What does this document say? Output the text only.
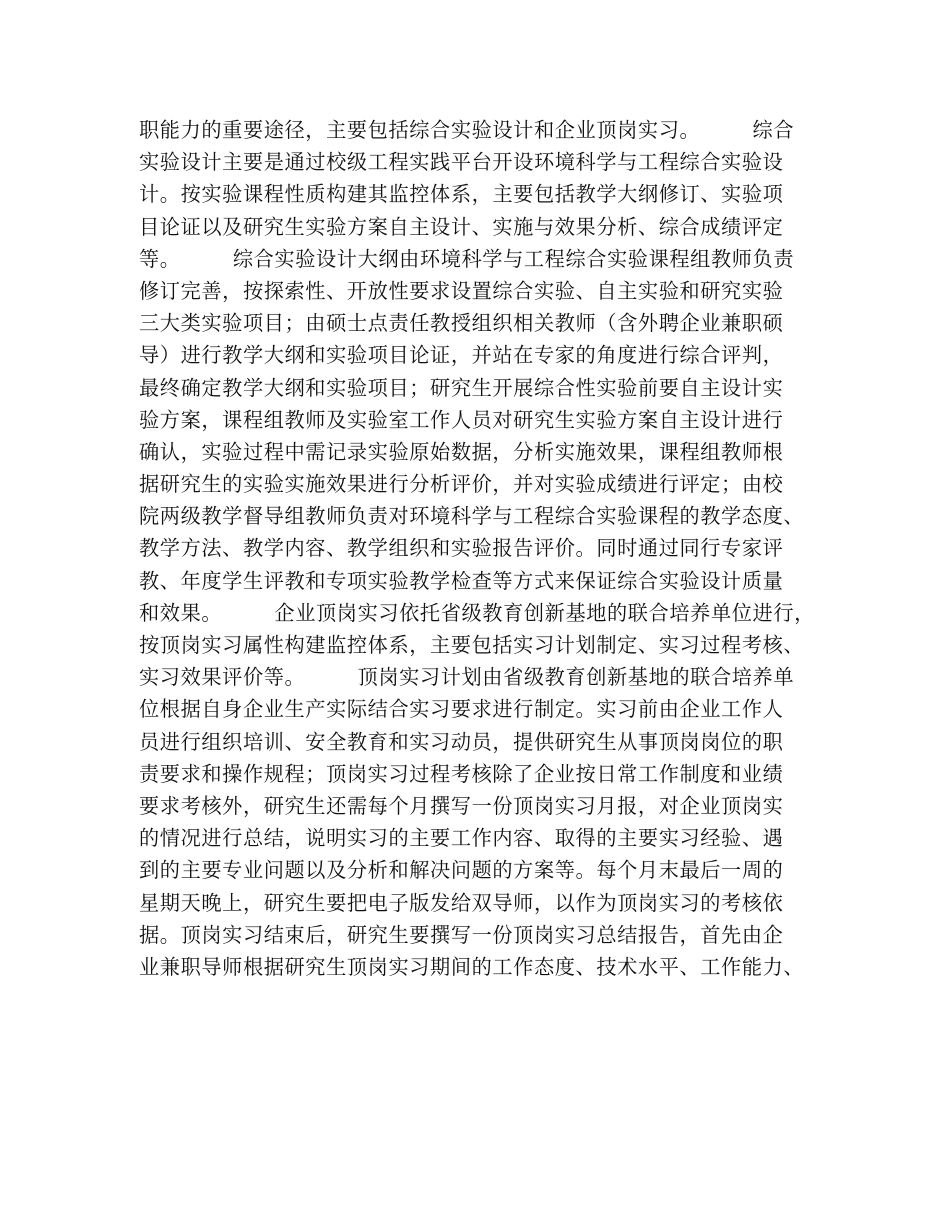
职能力的重要途径，主要包括综合实验设计和企业顶岗实习。　　　综合
实验设计主要是通过校级工程实践平台开设环境科学与工程综合实验设
计。按实验课程性质构建其监控体系，主要包括教学大纲修订、实验项
目论证以及研究生实验方案自主设计、实施与效果分析、综合成绩评定
等。　　　综合实验设计大纲由环境科学与工程综合实验课程组教师负责
修订完善，按探索性、开放性要求设置综合实验、自主实验和研究实验
三大类实验项目；由硕士点责任教授组织相关教师（含外聘企业兼职硕
导）进行教学大纲和实验项目论证，并站在专家的角度进行综合评判，
最终确定教学大纲和实验项目；研究生开展综合性实验前要自主设计实
验方案，课程组教师及实验室工作人员对研究生实验方案自主设计进行
确认，实验过程中需记录实验原始数据，分析实施效果，课程组教师根
据研究生的实验实施效果进行分析评价，并对实验成绩进行评定；由校
院两级教学督导组教师负责对环境科学与工程综合实验课程的教学态度、
教学方法、教学内容、教学组织和实验报告评价。同时通过同行专家评
教、年度学生评教和专项实验教学检查等方式来保证综合实验设计质量
和效果。　　　企业顶岗实习依托省级教育创新基地的联合培养单位进行，
按顶岗实习属性构建监控体系，主要包括实习计划制定、实习过程考核、
实习效果评价等。　　　顶岗实习计划由省级教育创新基地的联合培养单
位根据自身企业生产实际结合实习要求进行制定。实习前由企业工作人
员进行组织培训、安全教育和实习动员，提供研究生从事顶岗岗位的职
责要求和操作规程；顶岗实习过程考核除了企业按日常工作制度和业绩
要求考核外，研究生还需每个月撰写一份顶岗实习月报，对企业顶岗实
的情况进行总结，说明实习的主要工作内容、取得的主要实习经验、遇
到的主要专业问题以及分析和解决问题的方案等。每个月末最后一周的
星期天晚上，研究生要把电子版发给双导师，以作为顶岗实习的考核依
据。顶岗实习结束后，研究生要撰写一份顶岗实习总结报告，首先由企
业兼职导师根据研究生顶岗实习期间的工作态度、技术水平、工作能力、
